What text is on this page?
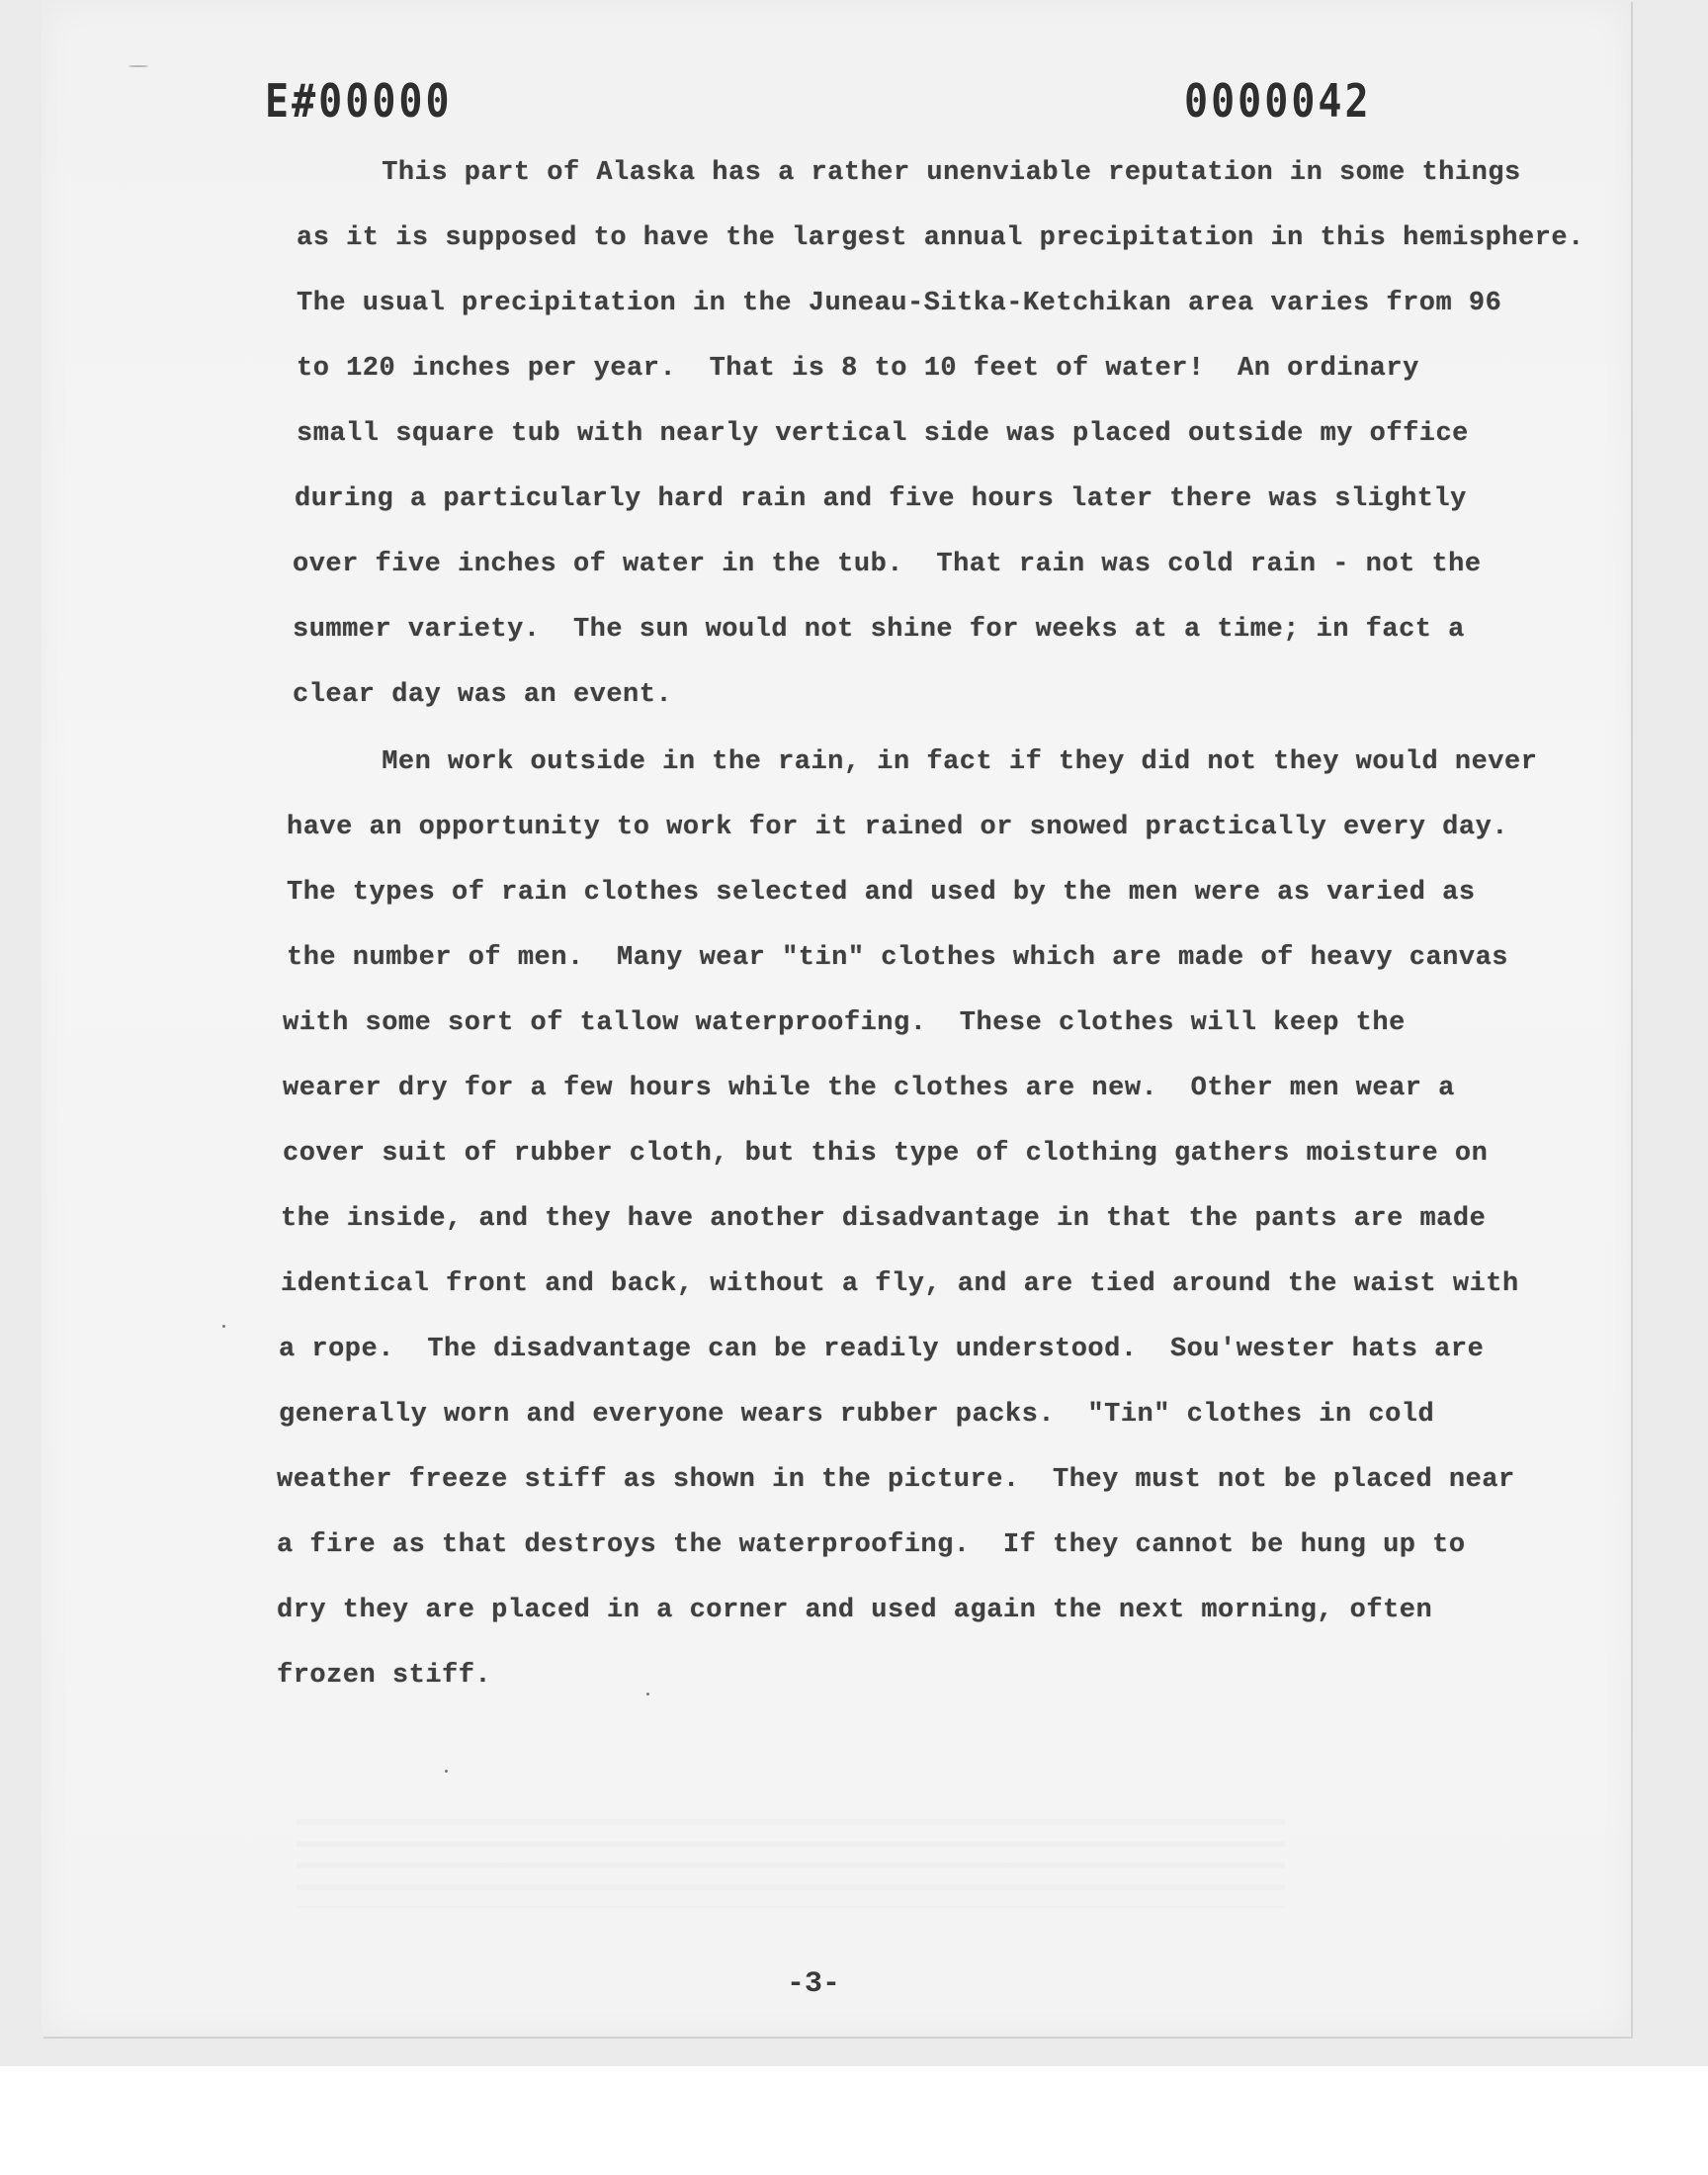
E#00000	0000042
This part of Alaska has a rather unenviable reputation in some things
as it is supposed to have the largest annual precipitation in this hemisphere.
The usual precipitation in the Juneau-Sitka-Ketchikan area varies from 96
to 120 inches per year.  That is 8 to 10 feet of water!  An ordinary
small square tub with nearly vertical side was placed outside my office
during a particularly hard rain and five hours later there was slightly
over five inches of water in the tub.  That rain was cold rain - not the
summer variety.  The sun would not shine for weeks at a time; in fact a
clear day was an event.
Men work outside in the rain, in fact if they did not they would never
have an opportunity to work for it rained or snowed practically every day.
The types of rain clothes selected and used by the men were as varied as
the number of men.  Many wear "tin" clothes which are made of heavy canvas
with some sort of tallow waterproofing.  These clothes will keep the
wearer dry for a few hours while the clothes are new.  Other men wear a
cover suit of rubber cloth, but this type of clothing gathers moisture on
the inside, and they have another disadvantage in that the pants are made
identical front and back, without a fly, and are tied around the waist with
a rope.  The disadvantage can be readily understood.  Sou'wester hats are
generally worn and everyone wears rubber packs.  "Tin" clothes in cold
weather freeze stiff as shown in the picture.  They must not be placed near
a fire as that destroys the waterproofing.  If they cannot be hung up to
dry they are placed in a corner and used again the next morning, often
frozen stiff.
-3-
